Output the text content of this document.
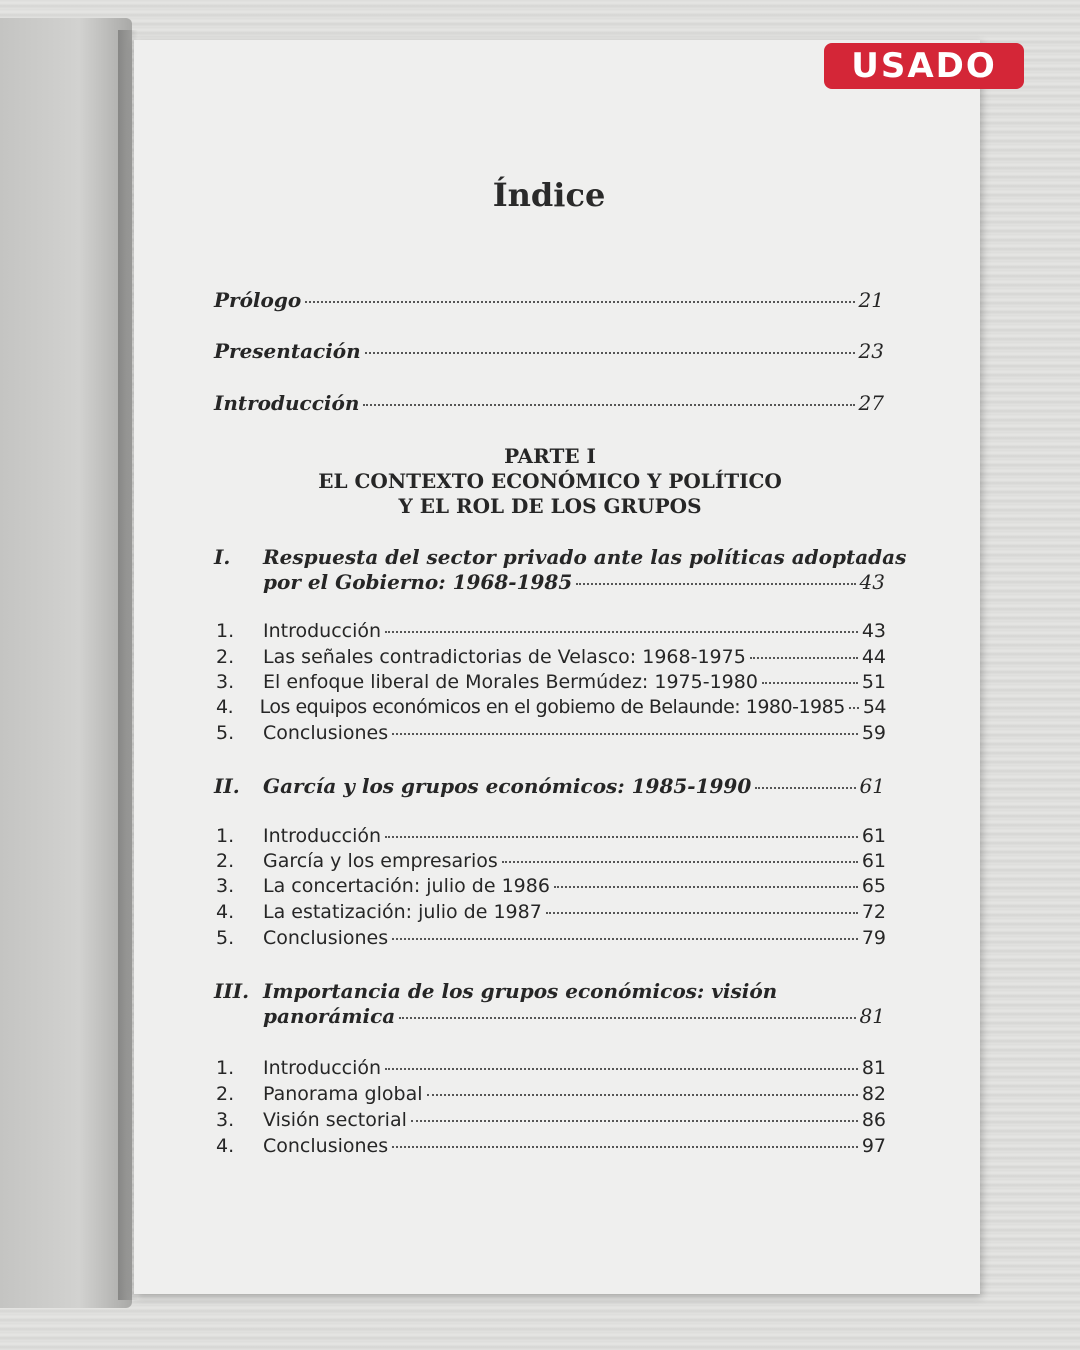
USADO
Índice
Prólogo	21
Presentación	23
Introducción	27
PARTE I
EL CONTEXTO ECONÓMICO Y POLÍTICO
Y EL ROL DE LOS GRUPOS
I. Respuesta del sector privado ante las políticas adoptadas
por el Gobierno: 1968-1985	43
1.	Introducción	43
2.	Las señales contradictorias de Velasco: 1968-1975	44
3.	El enfoque liberal de Morales Bermúdez: 1975-1980	51
4.	Los equipos económicos en el gobiemo de Belaunde: 1980-1985 54
5.	Conclusiones	59
II. García y los grupos económicos: 1985-1990	61
1.	Introducción	61
2.	García y los empresarios	61
3.	La concertación: julio de 1986	65
4.	La estatización: julio de 1987	72
5.	Conclusiones	79
III. Importancia de los grupos económicos: visión
panorámica	81
1.	Introducción	81
2.	Panorama global	82
3.	Visión sectorial	86
4.	Conclusiones	97
